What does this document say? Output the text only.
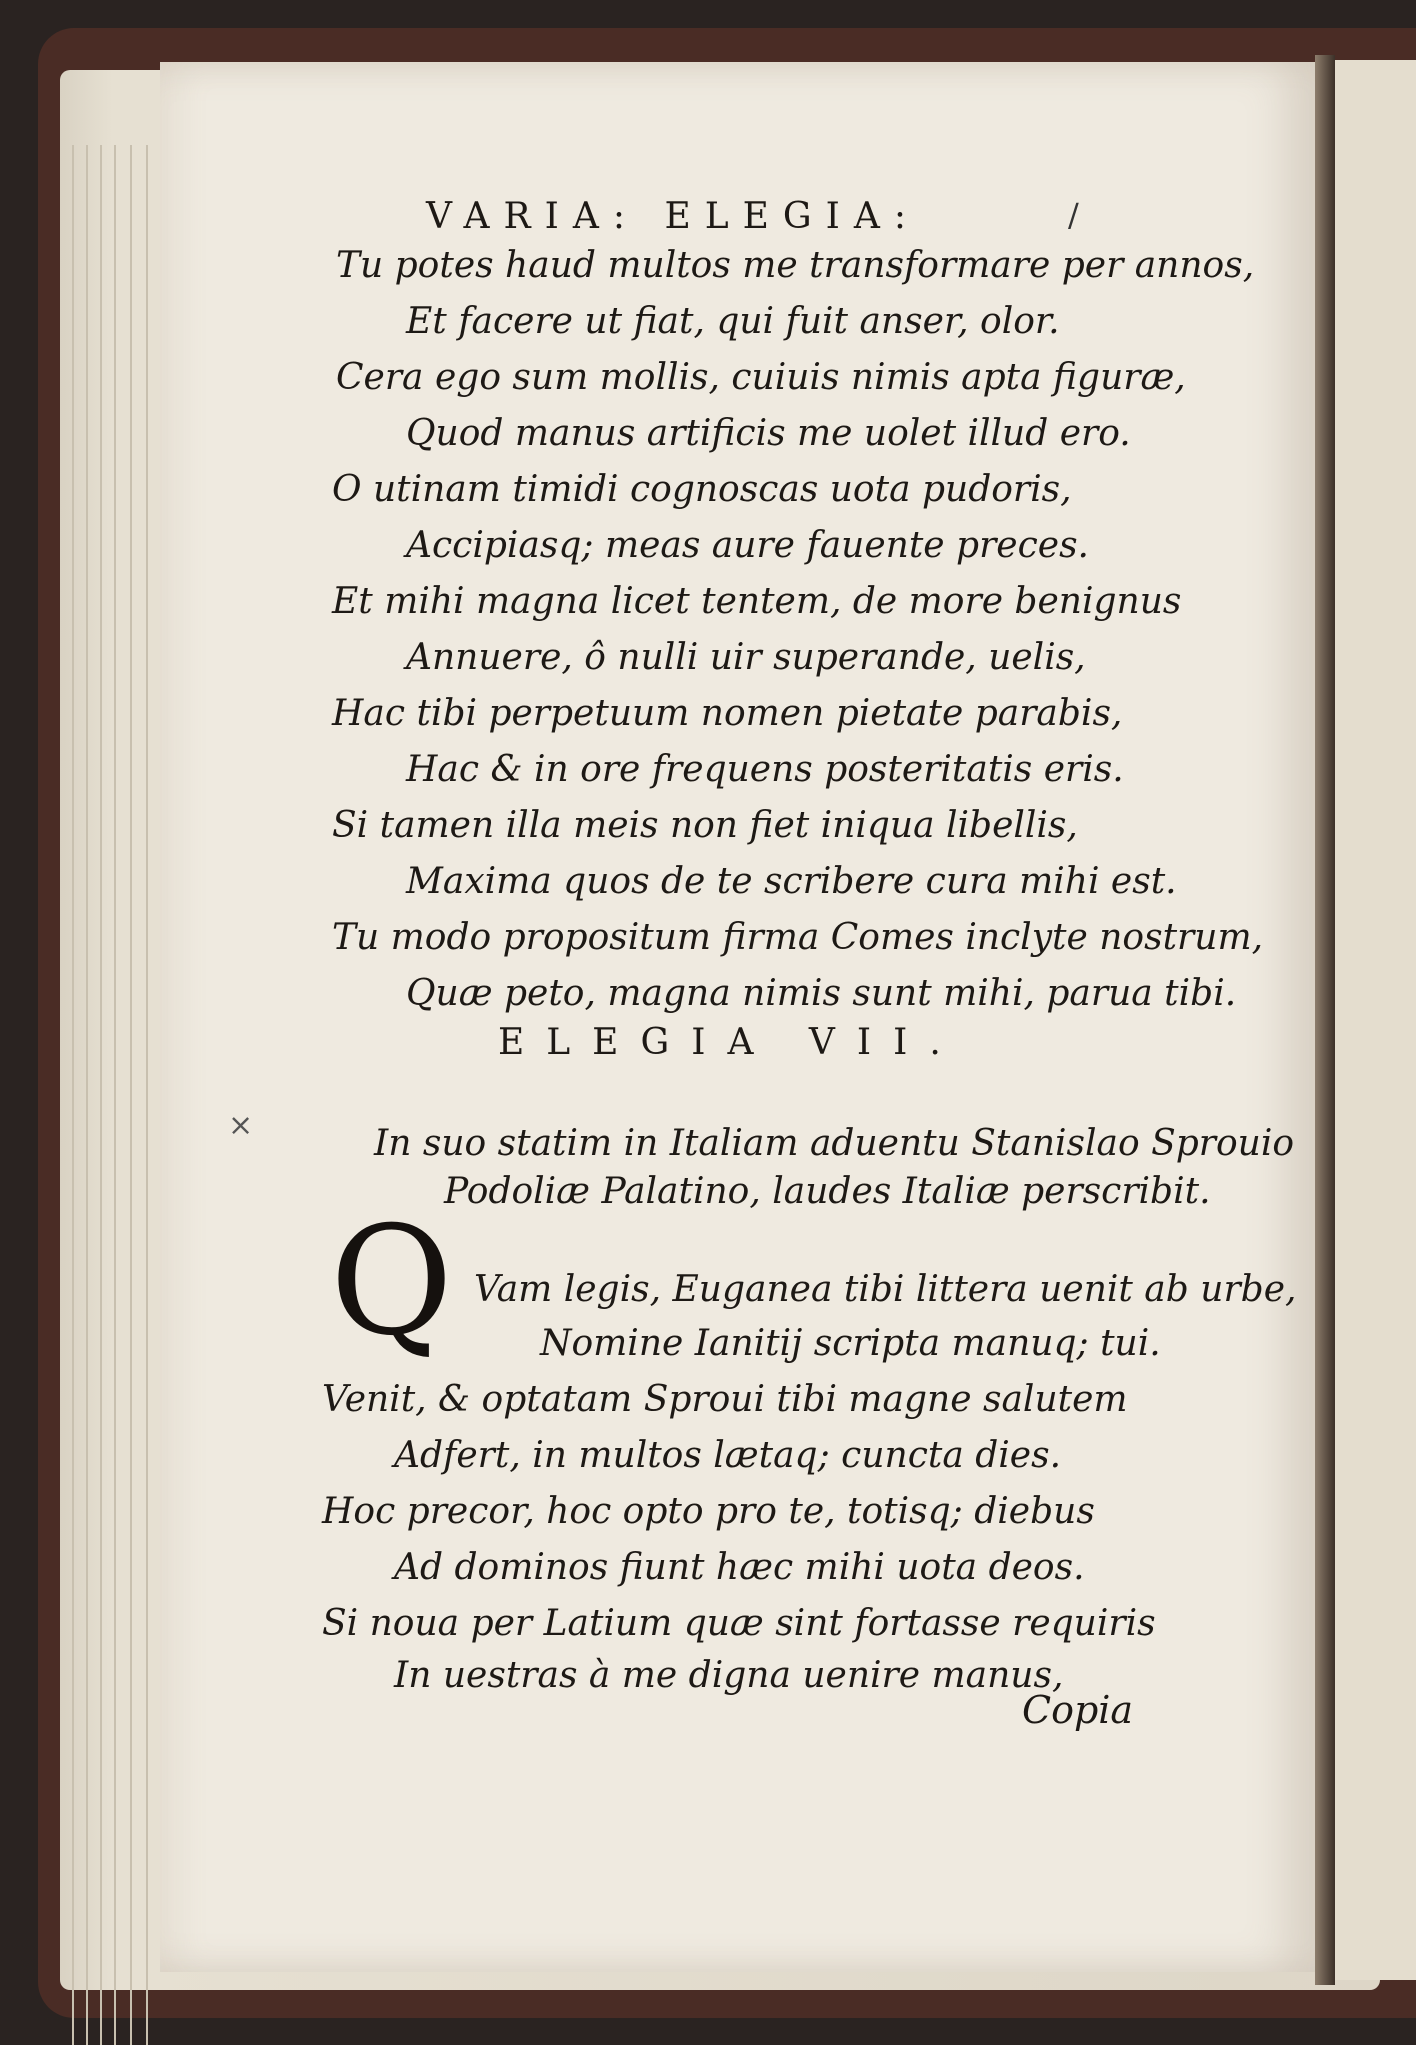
VARIA: ELEGIA:	/
Tu potes haud multos me transformare per annos,
Et facere ut fiat, qui fuit anser, olor.
Cera ego sum mollis, cuiuis nimis apta figuræ,
Quod manus artificis me uolet illud ero.
O utinam timidi cognoscas uota pudoris,
Accipiasq; meas aure fauente preces.
Et mihi magna licet tentem, de more benignus
Annuere, ô nulli uir superande, uelis,
Hac tibi perpetuum nomen pietate parabis,
Hac & in ore frequens posteritatis eris.
Si tamen illa meis non fiet iniqua libellis,
Maxima quos de te scribere cura mihi est.
Tu modo propositum firma Comes inclyte nostrum,
Quæ peto, magna nimis sunt mihi, parua tibi.
ELEGIA VII.
×	In suo statim in Italiam aduentu Stanislao Sprouio
Podoliæ Palatino, laudes Italiæ perscribit.
Q Vam legis, Euganea tibi littera uenit ab urbe,
Nomine Ianitij scripta manuq; tui.
Venit, & optatam Sproui tibi magne salutem
Adfert, in multos lætaq; cuncta dies.
Hoc precor, hoc opto pro te, totisq; diebus
Ad dominos fiunt hæc mihi uota deos.
Si noua per Latium quæ sint fortasse requiris
In uestras à me digna uenire manus,
Copia
